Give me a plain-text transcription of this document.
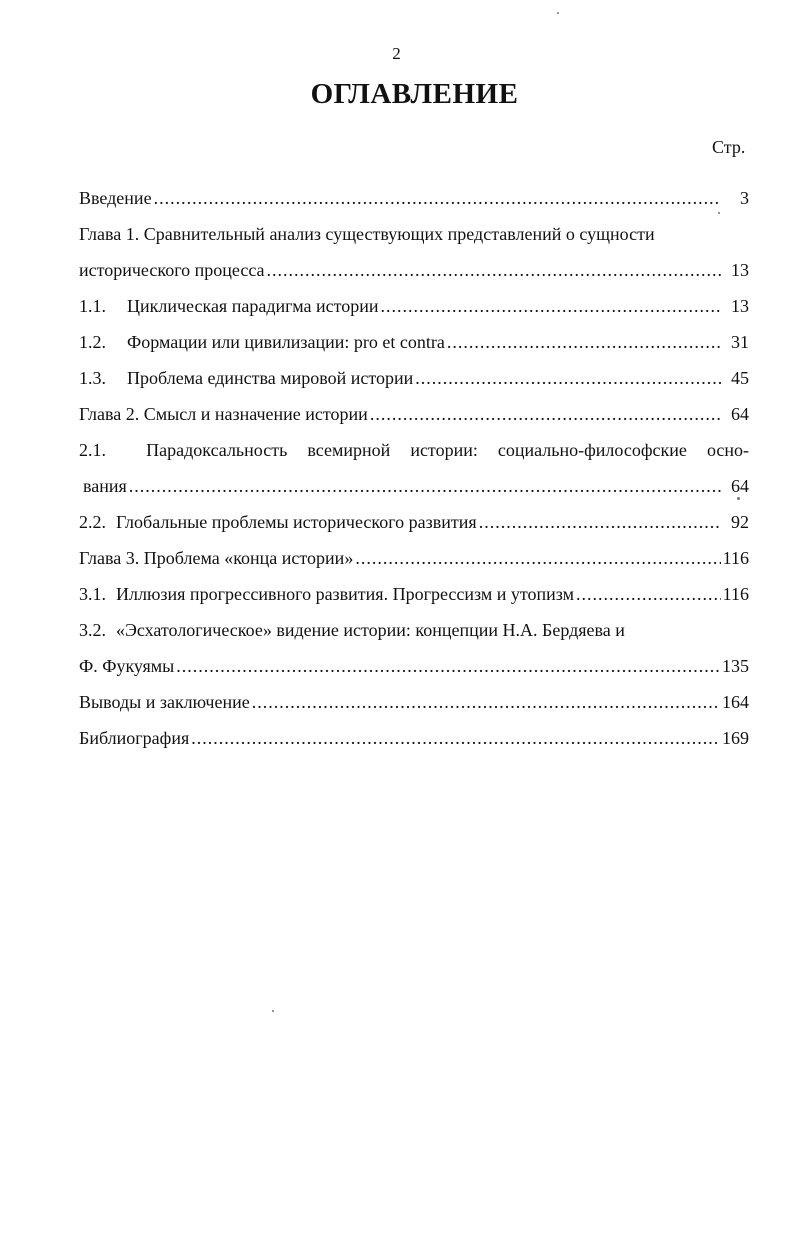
2
ОГЛАВЛЕНИЕ
Стр.
Введение .....	3
Глава 1. Сравнительный анализ существующих представлений о сущности
исторического процесса .....	13
1.1.	Циклическая парадигма истории .....	13
1.2.	Формации или цивилизации: pro et contra .....	31
1.3.	Проблема единства мировой истории .....	45
Глава 2. Смысл и назначение истории .....	64
2.1. Парадоксальность всемирной истории: социально-философские осно-
вания .....	64
2.2. Глобальные проблемы исторического развития .....	92
Глава 3. Проблема «конца истории» .....	116
3.1. Иллюзия прогрессивного развития. Прогрессизм и утопизм .....	116
3.2. «Эсхатологическое» видение истории: концепции Н.А. Бердяева и
Ф. Фукуямы .....	135
Выводы и заключение .....	164
Библиография .....	169
